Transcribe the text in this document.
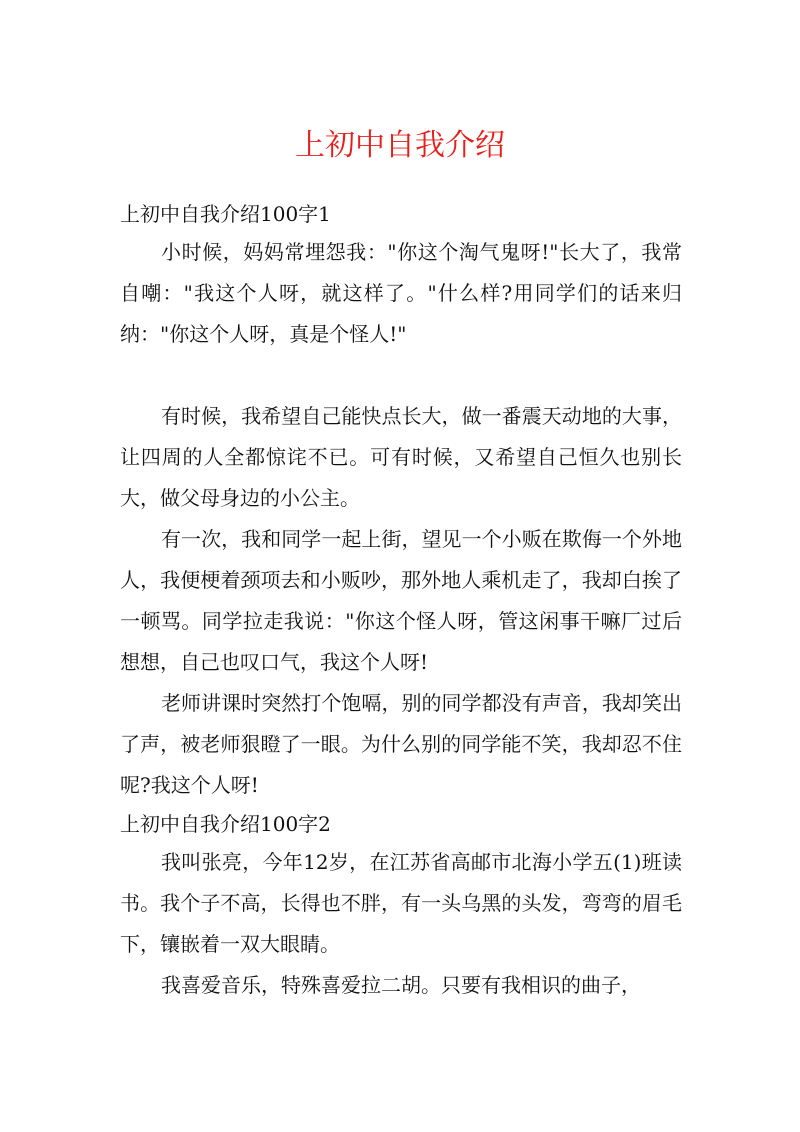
上初中自我介绍

上初中自我介绍100字1

小时候，妈妈常埋怨我："你这个淘气鬼呀!"长大了，我常自嘲："我这个人呀，就这样了。"什么样?用同学们的话来归纳："你这个人呀，真是个怪人!"

有时候，我希望自己能快点长大，做一番震天动地的大事，让四周的人全都惊诧不已。可有时候，又希望自己恒久也别长大，做父母身边的小公主。

有一次，我和同学一起上街，望见一个小贩在欺侮一个外地人，我便梗着颈项去和小贩吵，那外地人乘机走了，我却白挨了一顿骂。同学拉走我说："你这个怪人呀，管这闲事干嘛厂过后想想，自己也叹口气，我这个人呀!

老师讲课时突然打个饱嗝，别的同学都没有声音，我却笑出了声，被老师狠瞪了一眼。为什么别的同学能不笑，我却忍不住呢?我这个人呀!

上初中自我介绍100字2

我叫张亮，今年12岁，在江苏省高邮市北海小学五(1)班读书。我个子不高，长得也不胖，有一头乌黑的头发，弯弯的眉毛下，镶嵌着一双大眼睛。

我喜爱音乐，特殊喜爱拉二胡。只要有我相识的曲子，
